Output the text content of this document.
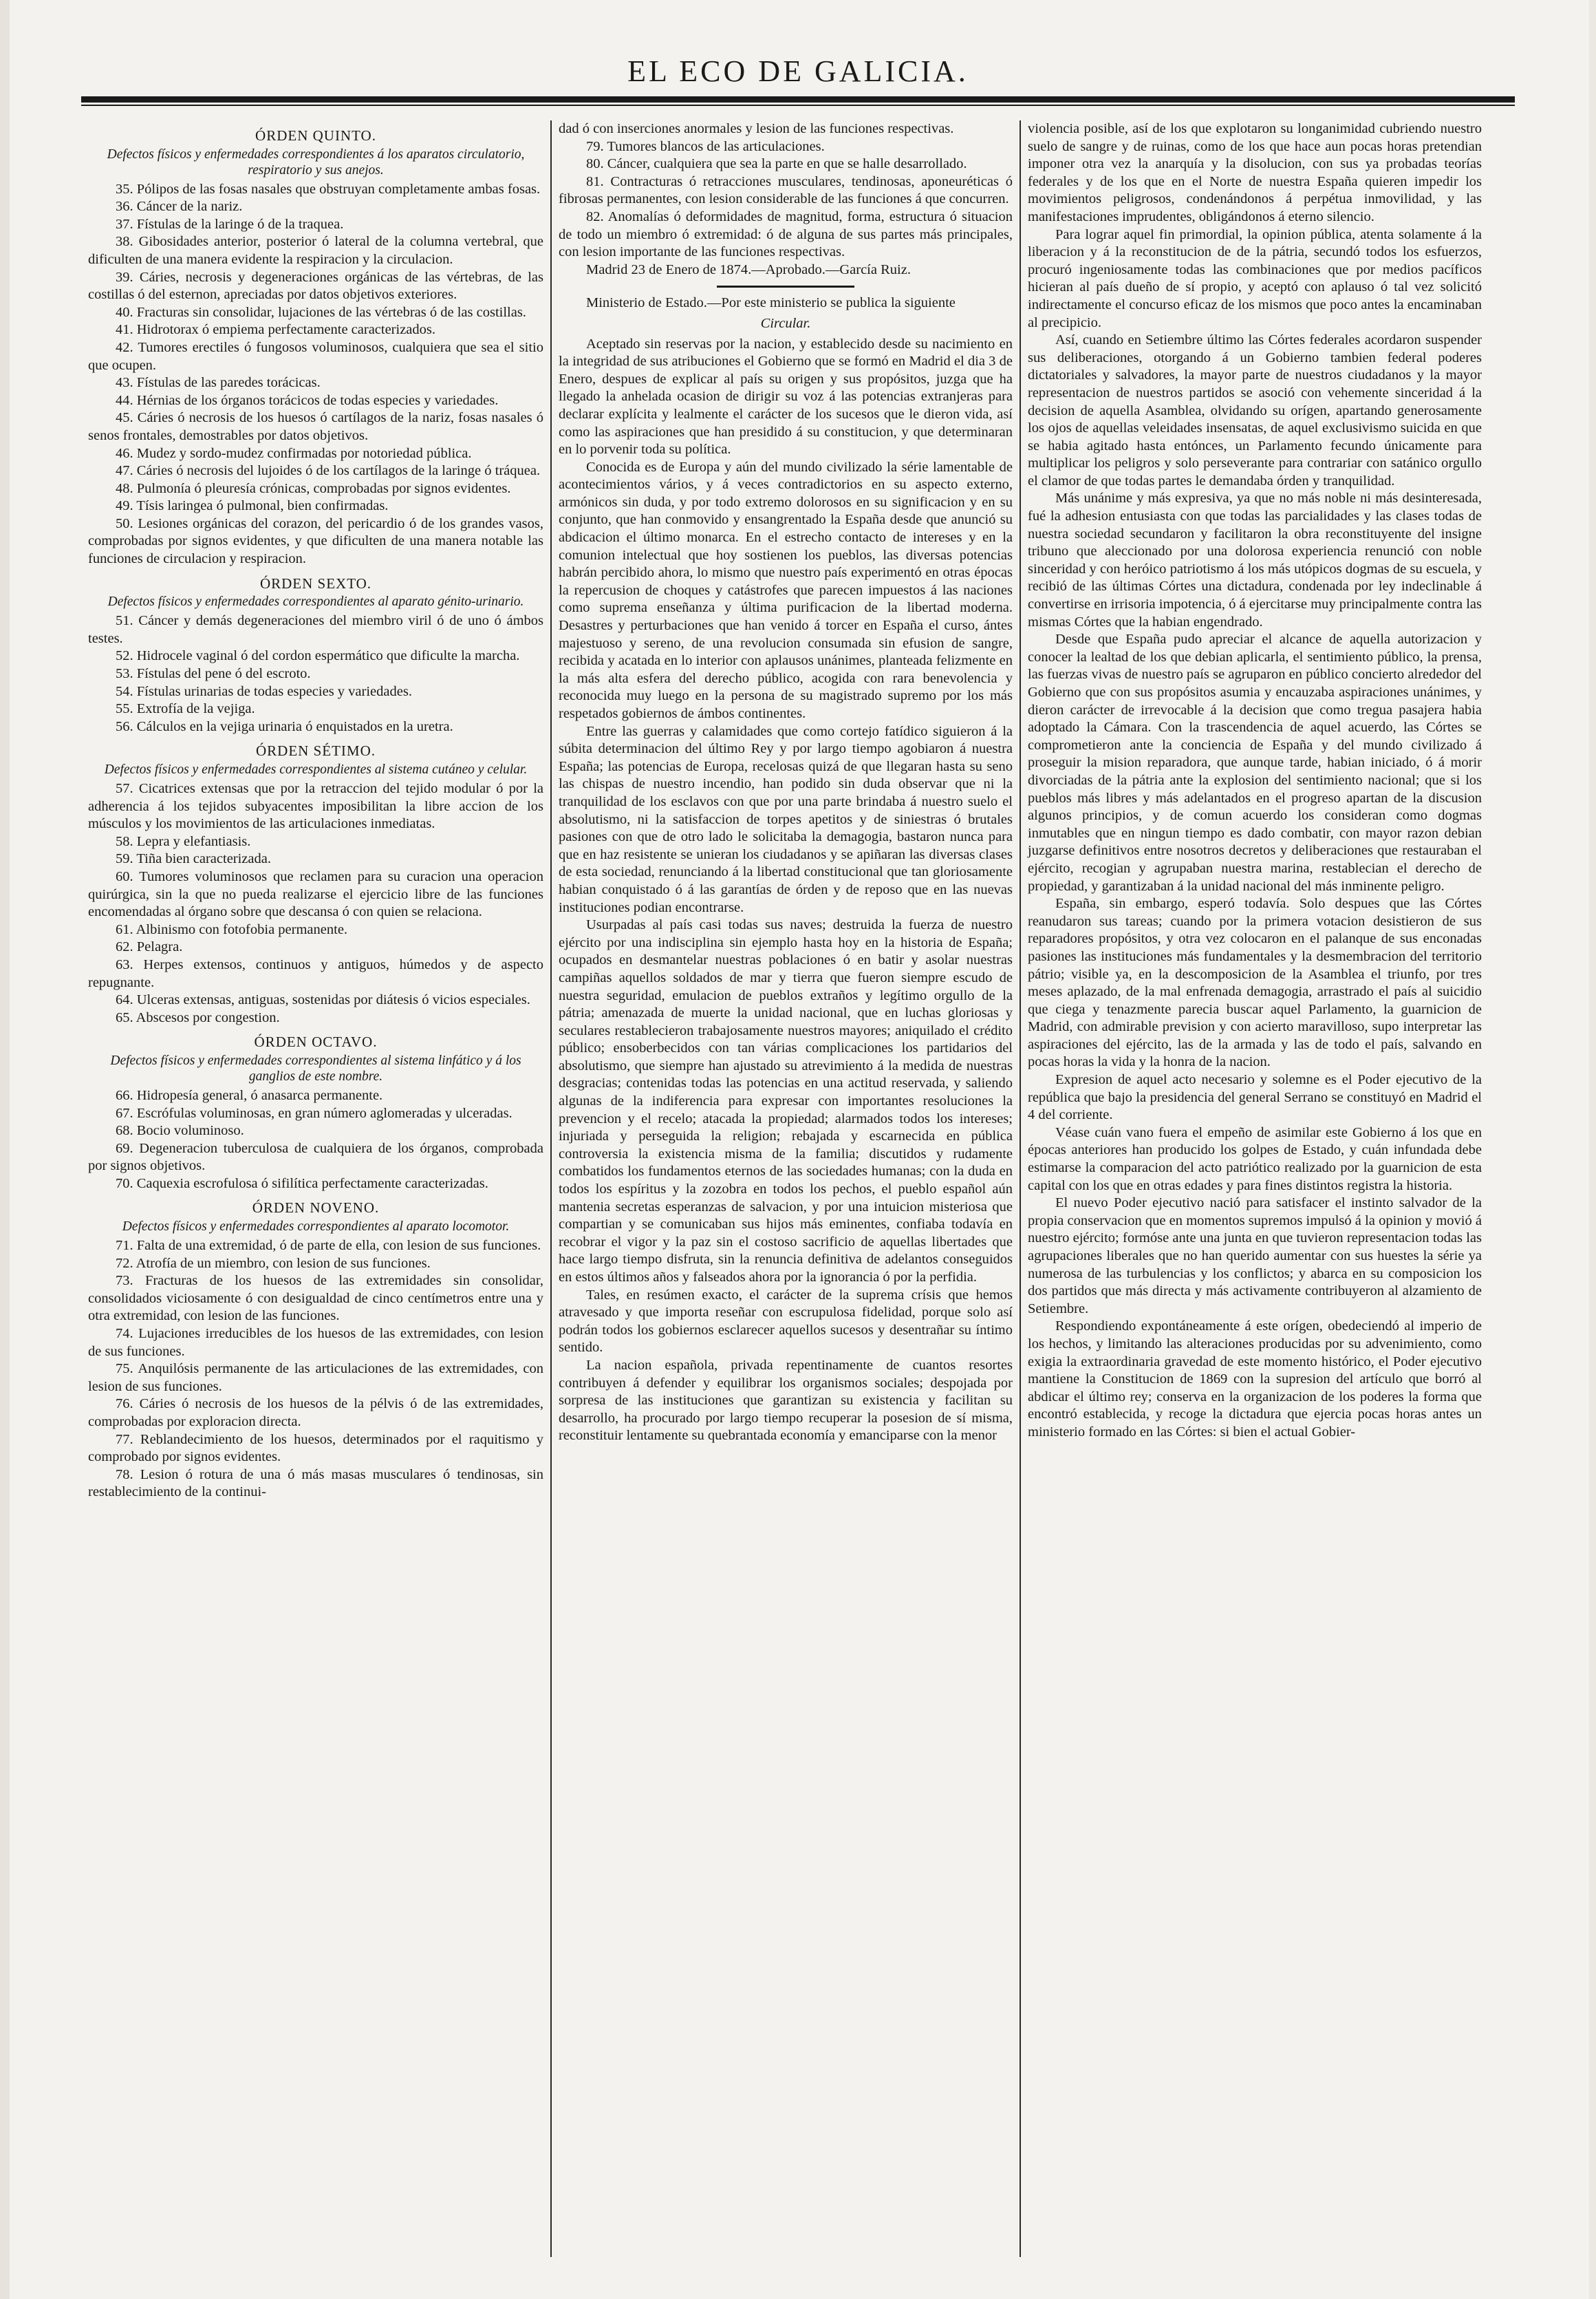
EL ECO DE GALICIA.
ÓRDEN QUINTO.
Defectos físicos y enfermedades correspondientes á los aparatos circulatorio, respiratorio y sus anejos.

35. Pólipos de las fosas nasales que obstruyan completamente ambas fosas.

36. Cáncer de la nariz.

37. Fístulas de la laringe ó de la traquea.

38. Gibosidades anterior, posterior ó lateral de la columna vertebral, que dificulten de una manera evidente la respiracion y la circulacion.

39. Cáries, necrosis y degeneraciones orgánicas de las vértebras, de las costillas ó del esternon, apreciadas por datos objetivos exteriores.

40. Fracturas sin consolidar, lujaciones de las vértebras ó de las costillas.

41. Hidrotorax ó empiema perfectamente caracterizados.

42. Tumores erectiles ó fungosos voluminosos, cualquiera que sea el sitio que ocupen.

43. Fístulas de las paredes torácicas.

44. Hérnias de los órganos torácicos de todas especies y variedades.

45. Cáries ó necrosis de los huesos ó cartílagos de la nariz, fosas nasales ó senos frontales, demostrables por datos objetivos.

46. Mudez y sordo-mudez confirmadas por notoriedad pública.

47. Cáries ó necrosis del lujoides ó de los cartílagos de la laringe ó tráquea.

48. Pulmonía ó pleuresía crónicas, comprobadas por signos evidentes.

49. Tísis laringea ó pulmonal, bien confirmadas.

50. Lesiones orgánicas del corazon, del pericardio ó de los grandes vasos, comprobadas por signos evidentes, y que dificulten de una manera notable las funciones de circulacion y respiracion.

ÓRDEN SEXTO.
Defectos físicos y enfermedades correspondientes al aparato génito-urinario.

51. Cáncer y demás degeneraciones del miembro viril ó de uno ó ámbos testes.

52. Hidrocele vaginal ó del cordon espermático que dificulte la marcha.

53. Fístulas del pene ó del escroto.

54. Fístulas urinarias de todas especies y variedades.

55. Extrofía de la vejiga.

56. Cálculos en la vejiga urinaria ó enquistados en la uretra.

ÓRDEN SÉTIMO.
Defectos físicos y enfermedades correspondientes al sistema cutáneo y celular.

57. Cicatrices extensas que por la retraccion del tejido modular ó por la adherencia á los tejidos subyacentes imposibilitan la libre accion de los músculos y los movimientos de las articulaciones inmediatas.

58. Lepra y elefantiasis.

59. Tiña bien caracterizada.

60. Tumores voluminosos que reclamen para su curacion una operacion quirúrgica, sin la que no pueda realizarse el ejercicio libre de las funciones encomendadas al órgano sobre que descansa ó con quien se relaciona.

61. Albinismo con fotofobia permanente.

62. Pelagra.

63. Herpes extensos, continuos y antiguos, húmedos y de aspecto repugnante.

64. Ulceras extensas, antiguas, sostenidas por diátesis ó vicios especiales.

65. Abscesos por congestion.

ÓRDEN OCTAVO.
Defectos físicos y enfermedades correspondientes al sistema linfático y á los ganglios de este nombre.

66. Hidropesía general, ó anasarca permanente.

67. Escrófulas voluminosas, en gran número aglomeradas y ulceradas.

68. Bocio voluminoso.

69. Degeneracion tuberculosa de cualquiera de los órganos, comprobada por signos objetivos.

70. Caquexia escrofulosa ó sifilítica perfectamente caracterizadas.

ÓRDEN NOVENO.
Defectos físicos y enfermedades correspondientes al aparato locomotor.

71. Falta de una extremidad, ó de parte de ella, con lesion de sus funciones.

72. Atrofía de un miembro, con lesion de sus funciones.

73. Fracturas de los huesos de las extremidades sin consolidar, consolidados viciosamente ó con desigualdad de cinco centímetros entre una y otra extremidad, con lesion de las funciones.

74. Lujaciones irreducibles de los huesos de las extremidades, con lesion de sus funciones.

75. Anquilósis permanente de las articulaciones de las extremidades, con lesion de sus funciones.

76. Cáries ó necrosis de los huesos de la pélvis ó de las extremidades, comprobadas por exploracion directa.

77. Reblandecimiento de los huesos, determinados por el raquitismo y comprobado por signos evidentes.

78. Lesion ó rotura de una ó más masas musculares ó tendinosas, sin restablecimiento de la continui-

dad ó con inserciones anormales y lesion de las funciones respectivas.

79. Tumores blancos de las articulaciones.

80. Cáncer, cualquiera que sea la parte en que se halle desarrollado.

81. Contracturas ó retracciones musculares, tendinosas, aponeuréticas ó fibrosas permanentes, con lesion considerable de las funciones á que concurren.

82. Anomalías ó deformidades de magnitud, forma, estructura ó situacion de todo un miembro ó extremidad: ó de alguna de sus partes más principales, con lesion importante de las funciones respectivas.

Madrid 23 de Enero de 1874.—Aprobado.—García Ruiz.

Ministerio de Estado.—Por este ministerio se publica la siguiente

Circular.

Aceptado sin reservas por la nacion, y establecido desde su nacimiento en la integridad de sus atribuciones el Gobierno que se formó en Madrid el dia 3 de Enero, despues de explicar al país su origen y sus propósitos, juzga que ha llegado la anhelada ocasion de dirigir su voz á las potencias extranjeras para declarar explícita y lealmente el carácter de los sucesos que le dieron vida, así como las aspiraciones que han presidido á su constitucion, y que determinaran en lo porvenir toda su política.

Conocida es de Europa y aún del mundo civilizado la série lamentable de acontecimientos vários, y á veces contradictorios en su aspecto externo, armónicos sin duda, y por todo extremo dolorosos en su significacion y en su conjunto, que han conmovido y ensangrentado la España desde que anunció su abdicacion el último monarca. En el estrecho contacto de intereses y en la comunion intelectual que hoy sostienen los pueblos, las diversas potencias habrán percibido ahora, lo mismo que nuestro país experimentó en otras épocas la repercusion de choques y catástrofes que parecen impuestos á las naciones como suprema enseñanza y última purificacion de la libertad moderna. Desastres y perturbaciones que han venido á torcer en España el curso, ántes majestuoso y sereno, de una revolucion consumada sin efusion de sangre, recibida y acatada en lo interior con aplausos unánimes, planteada felizmente en la más alta esfera del derecho público, acogida con rara benevolencia y reconocida muy luego en la persona de su magistrado supremo por los más respetados gobiernos de ámbos continentes.

Entre las guerras y calamidades que como cortejo fatídico siguieron á la súbita determinacion del último Rey y por largo tiempo agobiaron á nuestra España; las potencias de Europa, recelosas quizá de que llegaran hasta su seno las chispas de nuestro incendio, han podido sin duda observar que ni la tranquilidad de los esclavos con que por una parte brindaba á nuestro suelo el absolutismo, ni la satisfaccion de torpes apetitos y de siniestras ó brutales pasiones con que de otro lado le solicitaba la demagogia, bastaron nunca para que en haz resistente se unieran los ciudadanos y se apiñaran las diversas clases de esta sociedad, renunciando á la libertad constitucional que tan gloriosamente habian conquistado ó á las garantías de órden y de reposo que en las nuevas instituciones podian encontrarse.

Usurpadas al país casi todas sus naves; destruida la fuerza de nuestro ejército por una indisciplina sin ejemplo hasta hoy en la historia de España; ocupados en desmantelar nuestras poblaciones ó en batir y asolar nuestras campiñas aquellos soldados de mar y tierra que fueron siempre escudo de nuestra seguridad, emulacion de pueblos extraños y legítimo orgullo de la pátria; amenazada de muerte la unidad nacional, que en luchas gloriosas y seculares restablecieron trabajosamente nuestros mayores; aniquilado el crédito público; ensoberbecidos con tan várias complicaciones los partidarios del absolutismo, que siempre han ajustado su atrevimiento á la medida de nuestras desgracias; contenidas todas las potencias en una actitud reservada, y saliendo algunas de la indiferencia para expresar con importantes resoluciones la prevencion y el recelo; atacada la propiedad; alarmados todos los intereses; injuriada y perseguida la religion; rebajada y escarnecida en pública controversia la existencia misma de la familia; discutidos y rudamente combatidos los fundamentos eternos de las sociedades humanas; con la duda en todos los espíritus y la zozobra en todos los pechos, el pueblo español aún mantenia secretas esperanzas de salvacion, y por una intuicion misteriosa que compartian y se comunicaban sus hijos más eminentes, confiaba todavía en recobrar el vigor y la paz sin el costoso sacrificio de aquellas libertades que hace largo tiempo disfruta, sin la renuncia definitiva de adelantos conseguidos en estos últimos años y falseados ahora por la ignorancia ó por la perfidia.

Tales, en resúmen exacto, el carácter de la suprema crísis que hemos atravesado y que importa reseñar con escrupulosa fidelidad, porque solo así podrán todos los gobiernos esclarecer aquellos sucesos y desentrañar su íntimo sentido.

La nacion española, privada repentinamente de cuantos resortes contribuyen á defender y equilibrar los organismos sociales; despojada por sorpresa de las instituciones que garantizan su existencia y facilitan su desarrollo, ha procurado por largo tiempo recuperar la posesion de sí misma, reconstituir lentamente su quebrantada economía y emanciparse con la menor

violencia posible, así de los que explotaron su longanimidad cubriendo nuestro suelo de sangre y de ruinas, como de los que hace aun pocas horas pretendian imponer otra vez la anarquía y la disolucion, con sus ya probadas teorías federales y de los que en el Norte de nuestra España quieren impedir los movimientos peligrosos, condenándonos á perpétua inmovilidad, y las manifestaciones imprudentes, obligándonos á eterno silencio.

Para lograr aquel fin primordial, la opinion pública, atenta solamente á la liberacion y á la reconstitucion de de la pátria, secundó todos los esfuerzos, procuró ingeniosamente todas las combinaciones que por medios pacíficos hicieran al país dueño de sí propio, y aceptó con aplauso ó tal vez solicitó indirectamente el concurso eficaz de los mismos que poco antes la encaminaban al precipicio.

Así, cuando en Setiembre último las Córtes federales acordaron suspender sus deliberaciones, otorgando á un Gobierno tambien federal poderes dictatoriales y salvadores, la mayor parte de nuestros ciudadanos y la mayor representacion de nuestros partidos se asoció con vehemente sinceridad á la decision de aquella Asamblea, olvidando su orígen, apartando generosamente los ojos de aquellas veleidades insensatas, de aquel exclusivismo suicida en que se habia agitado hasta entónces, un Parlamento fecundo únicamente para multiplicar los peligros y solo perseverante para contrariar con satánico orgullo el clamor de que todas partes le demandaba órden y tranquilidad.

Más unánime y más expresiva, ya que no más noble ni más desinteresada, fué la adhesion entusiasta con que todas las parcialidades y las clases todas de nuestra sociedad secundaron y facilitaron la obra reconstituyente del insigne tribuno que aleccionado por una dolorosa experiencia renunció con noble sinceridad y con heróico patriotismo á los más utópicos dogmas de su escuela, y recibió de las últimas Córtes una dictadura, condenada por ley indeclinable á convertirse en irrisoria impotencia, ó á ejercitarse muy principalmente contra las mismas Córtes que la habian engendrado.

Desde que España pudo apreciar el alcance de aquella autorizacion y conocer la lealtad de los que debian aplicarla, el sentimiento público, la prensa, las fuerzas vivas de nuestro país se agruparon en público concierto alrededor del Gobierno que con sus propósitos asumia y encauzaba aspiraciones unánimes, y dieron carácter de irrevocable á la decision que como tregua pasajera habia adoptado la Cámara. Con la trascendencia de aquel acuerdo, las Córtes se comprometieron ante la conciencia de España y del mundo civilizado á proseguir la mision reparadora, que aunque tarde, habian iniciado, ó á morir divorciadas de la pátria ante la explosion del sentimiento nacional; que si los pueblos más libres y más adelantados en el progreso apartan de la discusion algunos principios, y de comun acuerdo los consideran como dogmas inmutables que en ningun tiempo es dado combatir, con mayor razon debian juzgarse definitivos entre nosotros decretos y deliberaciones que restauraban el ejército, recogian y agrupaban nuestra marina, restablecian el derecho de propiedad, y garantizaban á la unidad nacional del más inminente peligro.

España, sin embargo, esperó todavía. Solo despues que las Córtes reanudaron sus tareas; cuando por la primera votacion desistieron de sus reparadores propósitos, y otra vez colocaron en el palanque de sus enconadas pasiones las instituciones más fundamentales y la desmembracion del territorio pátrio; visible ya, en la descomposicion de la Asamblea el triunfo, por tres meses aplazado, de la mal enfrenada demagogia, arrastrado el país al suicidio que ciega y tenazmente parecia buscar aquel Parlamento, la guarnicion de Madrid, con admirable prevision y con acierto maravilloso, supo interpretar las aspiraciones del ejército, las de la armada y las de todo el país, salvando en pocas horas la vida y la honra de la nacion.

Expresion de aquel acto necesario y solemne es el Poder ejecutivo de la república que bajo la presidencia del general Serrano se constituyó en Madrid el 4 del corriente.

Véase cuán vano fuera el empeño de asimilar este Gobierno á los que en épocas anteriores han producido los golpes de Estado, y cuán infundada debe estimarse la comparacion del acto patriótico realizado por la guarnicion de esta capital con los que en otras edades y para fines distintos registra la historia.

El nuevo Poder ejecutivo nació para satisfacer el instinto salvador de la propia conservacion que en momentos supremos impulsó á la opinion y movió á nuestro ejército; formóse ante una junta en que tuvieron representacion todas las agrupaciones liberales que no han querido aumentar con sus huestes la série ya numerosa de las turbulencias y los conflictos; y abarca en su composicion los dos partidos que más directa y más activamente contribuyeron al alzamiento de Setiembre.

Respondiendo expontáneamente á este orígen, obedeciendó al imperio de los hechos, y limitando las alteraciones producidas por su advenimiento, como exigia la extraordinaria gravedad de este momento histórico, el Poder ejecutivo mantiene la Constitucion de 1869 con la supresion del artículo que borró al abdicar el último rey; conserva en la organizacion de los poderes la forma que encontró establecida, y recoge la dictadura que ejercia pocas horas antes un ministerio formado en las Córtes: si bien el actual Gobier-
